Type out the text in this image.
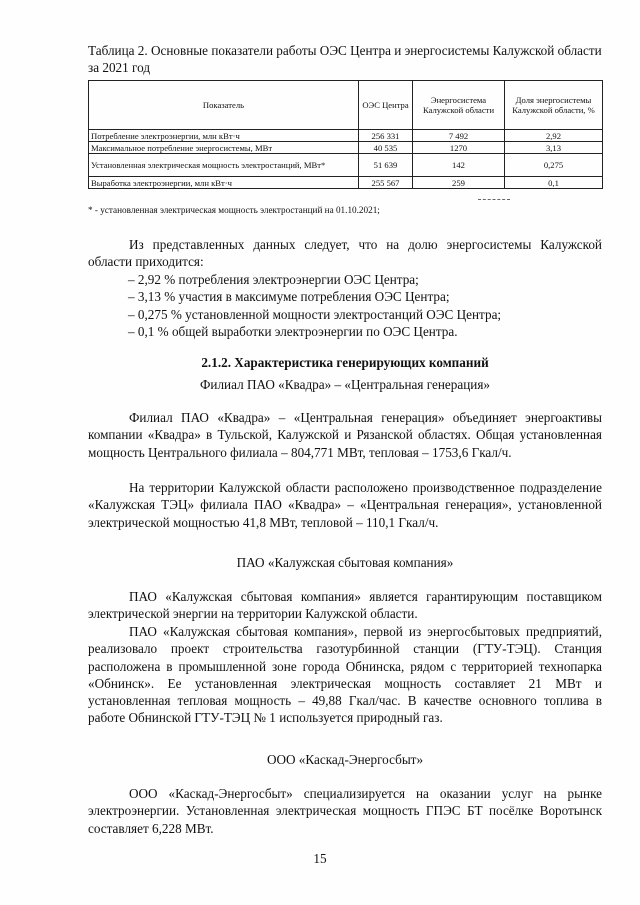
Таблица 2. Основные показатели работы ОЭС Центра и энергосистемы Калужской области за 2021 год
Показатель	ОЭС Центра	Энергосистема Калужской области	Доля энергосистемы Калужской области, %
Потребление электроэнергии, млн кВт·ч	256 331	7 492	2,92
Максимальное потребление энергосистемы, МВт	40 535	1270	3,13
Установленная электрическая мощность электростанций, МВт*	51 639	142	0,275
Выработка электроэнергии, млн кВт·ч	255 567	259	0,1
* - установленная электрическая мощность электростанций на 01.10.2021;
Из представленных данных следует, что на долю энергосистемы Калужской области приходится:
– 2,92 % потребления электроэнергии ОЭС Центра;
– 3,13 % участия в максимуме потребления ОЭС Центра;
– 0,275 % установленной мощности электростанций ОЭС Центра;
– 0,1 % общей выработки электроэнергии по ОЭС Центра.
2.1.2. Характеристика генерирующих компаний
Филиал ПАО «Квадра» – «Центральная генерация»
Филиал ПАО «Квадра» – «Центральная генерация» объединяет энергоактивы компании «Квадра» в Тульской, Калужской и Рязанской областях. Общая установленная мощность Центрального филиала – 804,771 МВт, тепловая – 1753,6 Гкал/ч.
На территории Калужской области расположено производственное подразделение «Калужская ТЭЦ» филиала ПАО «Квадра» – «Центральная генерация», установленной электрической мощностью 41,8 МВт, тепловой – 110,1 Гкал/ч.
ПАО «Калужская сбытовая компания»
ПАО «Калужская сбытовая компания» является гарантирующим поставщиком электрической энергии на территории Калужской области.
ПАО «Калужская сбытовая компания», первой из энергосбытовых предприятий, реализовало проект строительства газотурбинной станции (ГТУ-ТЭЦ). Станция расположена в промышленной зоне города Обнинска, рядом с территорией технопарка «Обнинск». Ее установленная электрическая мощность составляет 21 МВт и установленная тепловая мощность – 49,88 Гкал/час. В качестве основного топлива в работе Обнинской ГТУ-ТЭЦ № 1 используется природный газ.
ООО «Каскад-Энергосбыт»
ООО «Каскад-Энергосбыт» специализируется на оказании услуг на рынке электроэнергии. Установленная электрическая мощность ГПЭС БТ посёлке Воротынск составляет 6,228 МВт.
15
